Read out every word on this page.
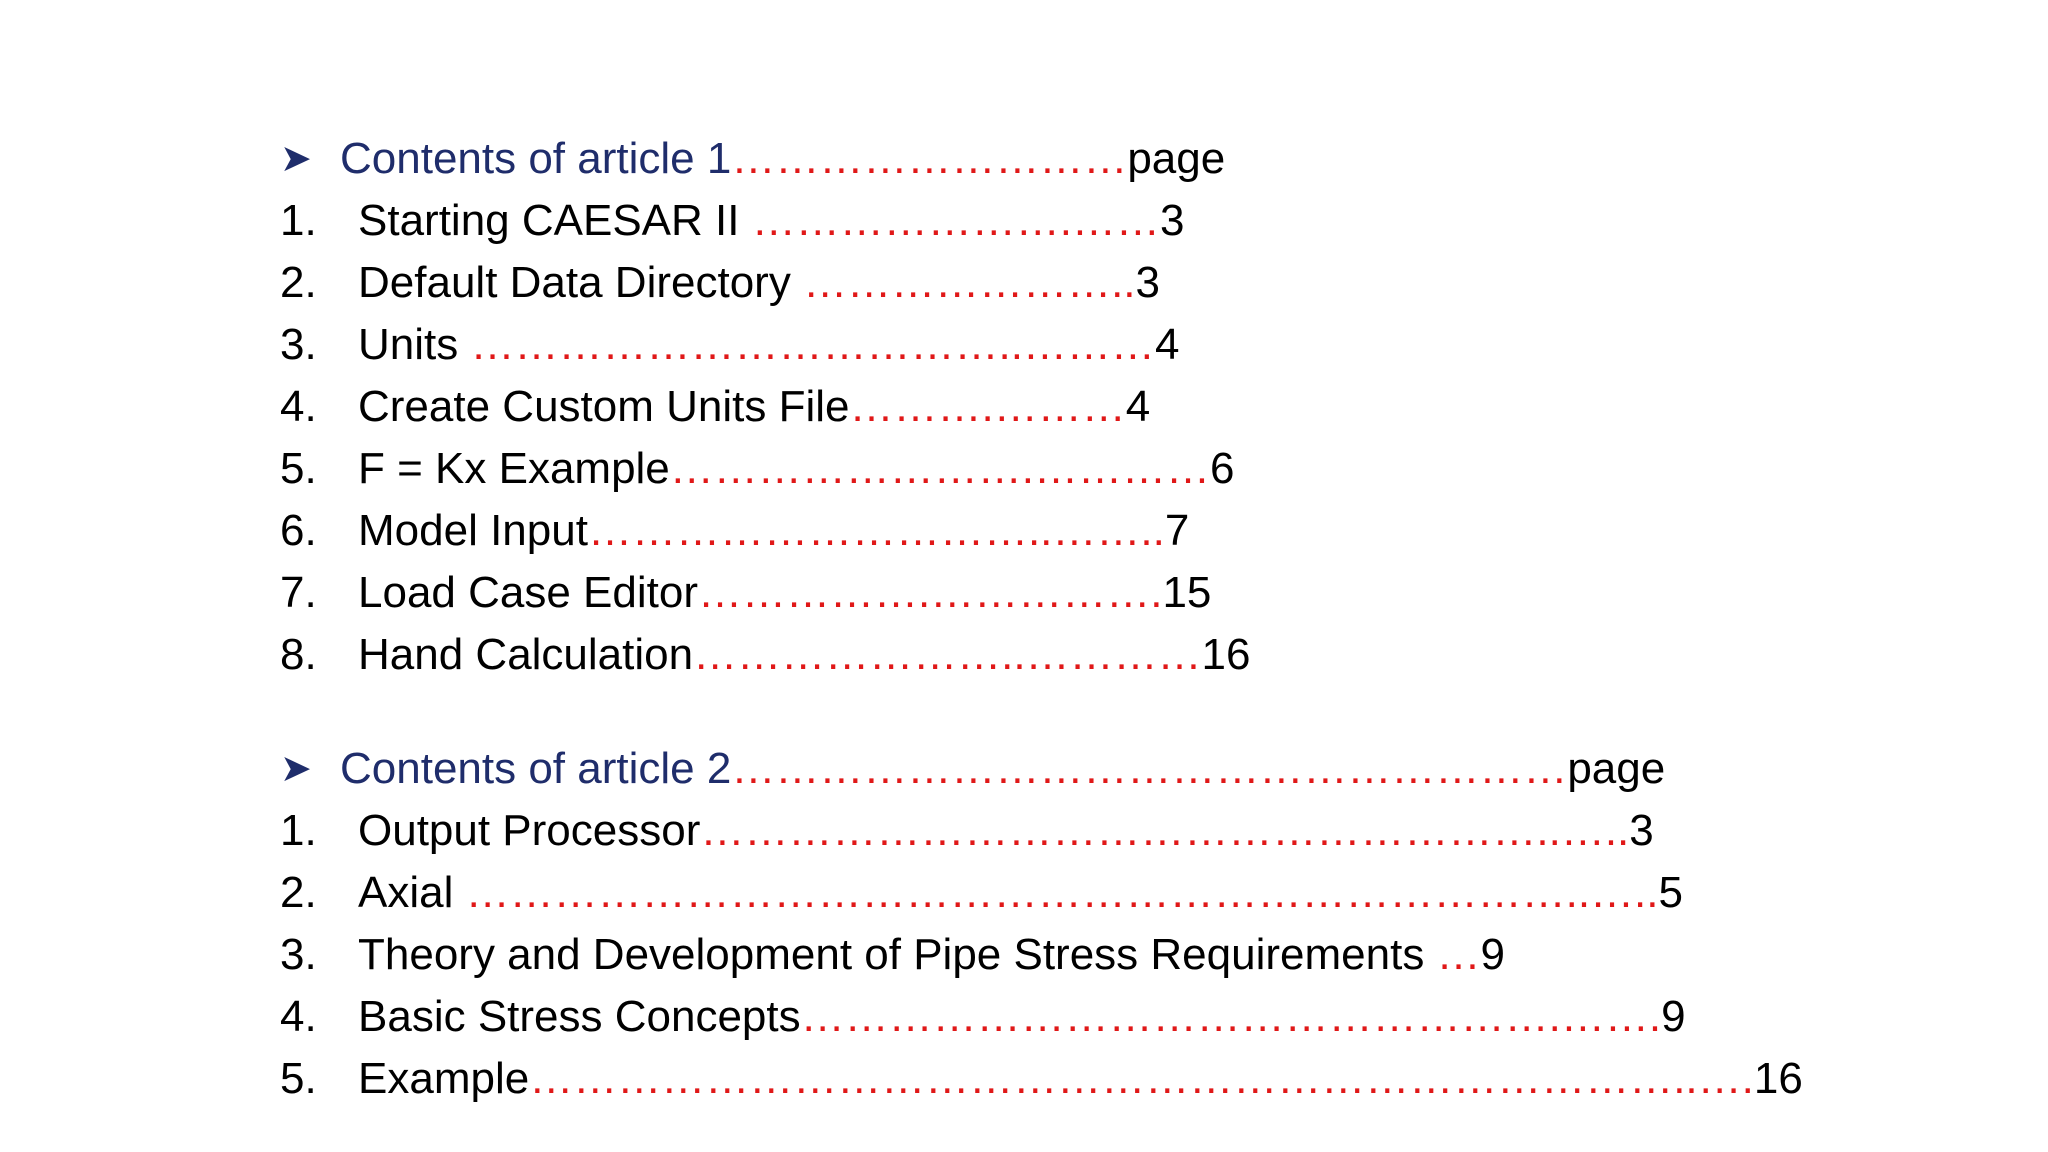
➤ Contents of article 1………………………page
1. Starting CAESAR II ………………….……3
2. Default Data Directory …………………..3
3. Units ………………………………..………4
4. Create Custom Units File……….………4
5. F = Kx Example…………………….…………6
6. Model Input…………………………..……..7
7. Load Case Editor…………….…………….15
8. Hand Calculation…………………..…………16
➤ Contents of article 2…………………………………………………page
1. Output Processor…………………………………………………..…..3
2. Axial …………………………………………………………………..…..5
3. Theory and Development of Pipe Stress Requirements …9
4. Basic Stress Concepts…………………………………………….…….9
5. Example……………………………………………………………………..….16
